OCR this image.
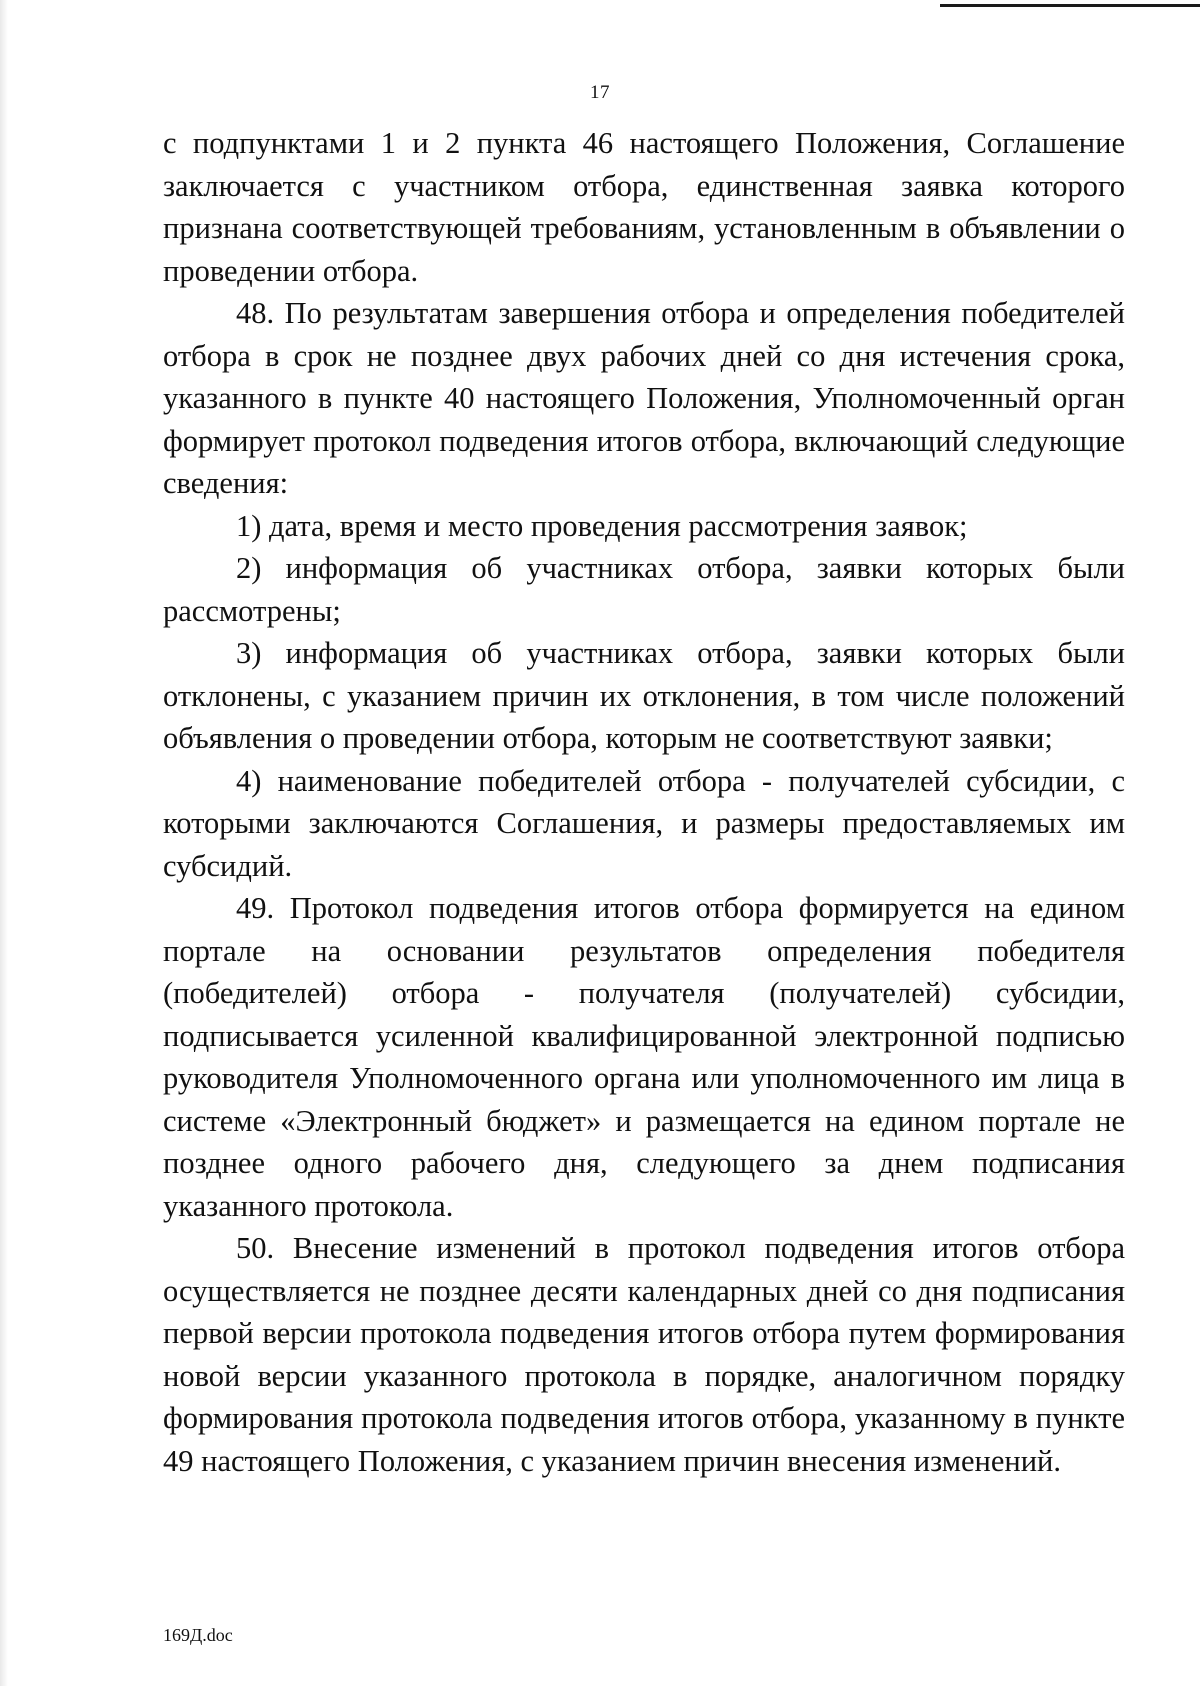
17

с подпунктами 1 и 2 пункта 46 настоящего Положения, Соглашение заключается с участником отбора, единственная заявка которого признана соответствующей требованиям, установленным в объявлении о проведении отбора.

48. По результатам завершения отбора и определения победителей отбора в срок не позднее двух рабочих дней со дня истечения срока, указанного в пункте 40 настоящего Положения, Уполномоченный орган формирует протокол подведения итогов отбора, включающий следующие сведения:

1) дата, время и место проведения рассмотрения заявок;

2) информация об участниках отбора, заявки которых были рассмотрены;

3) информация об участниках отбора, заявки которых были отклонены, с указанием причин их отклонения, в том числе положений объявления о проведении отбора, которым не соответствуют заявки;

4) наименование победителей отбора - получателей субсидии, с которыми заключаются Соглашения, и размеры предоставляемых им субсидий.

49. Протокол подведения итогов отбора формируется на едином портале на основании результатов определения победителя (победителей) отбора - получателя (получателей) субсидии, подписывается усиленной квалифицированной электронной подписью руководителя Уполномоченного органа или уполномоченного им лица в системе «Электронный бюджет» и размещается на едином портале не позднее одного рабочего дня, следующего за днем подписания указанного протокола.

50. Внесение изменений в протокол подведения итогов отбора осуществляется не позднее десяти календарных дней со дня подписания первой версии протокола подведения итогов отбора путем формирования новой версии указанного протокола в порядке, аналогичном порядку формирования протокола подведения итогов отбора, указанному в пункте 49 настоящего Положения, с указанием причин внесения изменений.

169Д.doc
